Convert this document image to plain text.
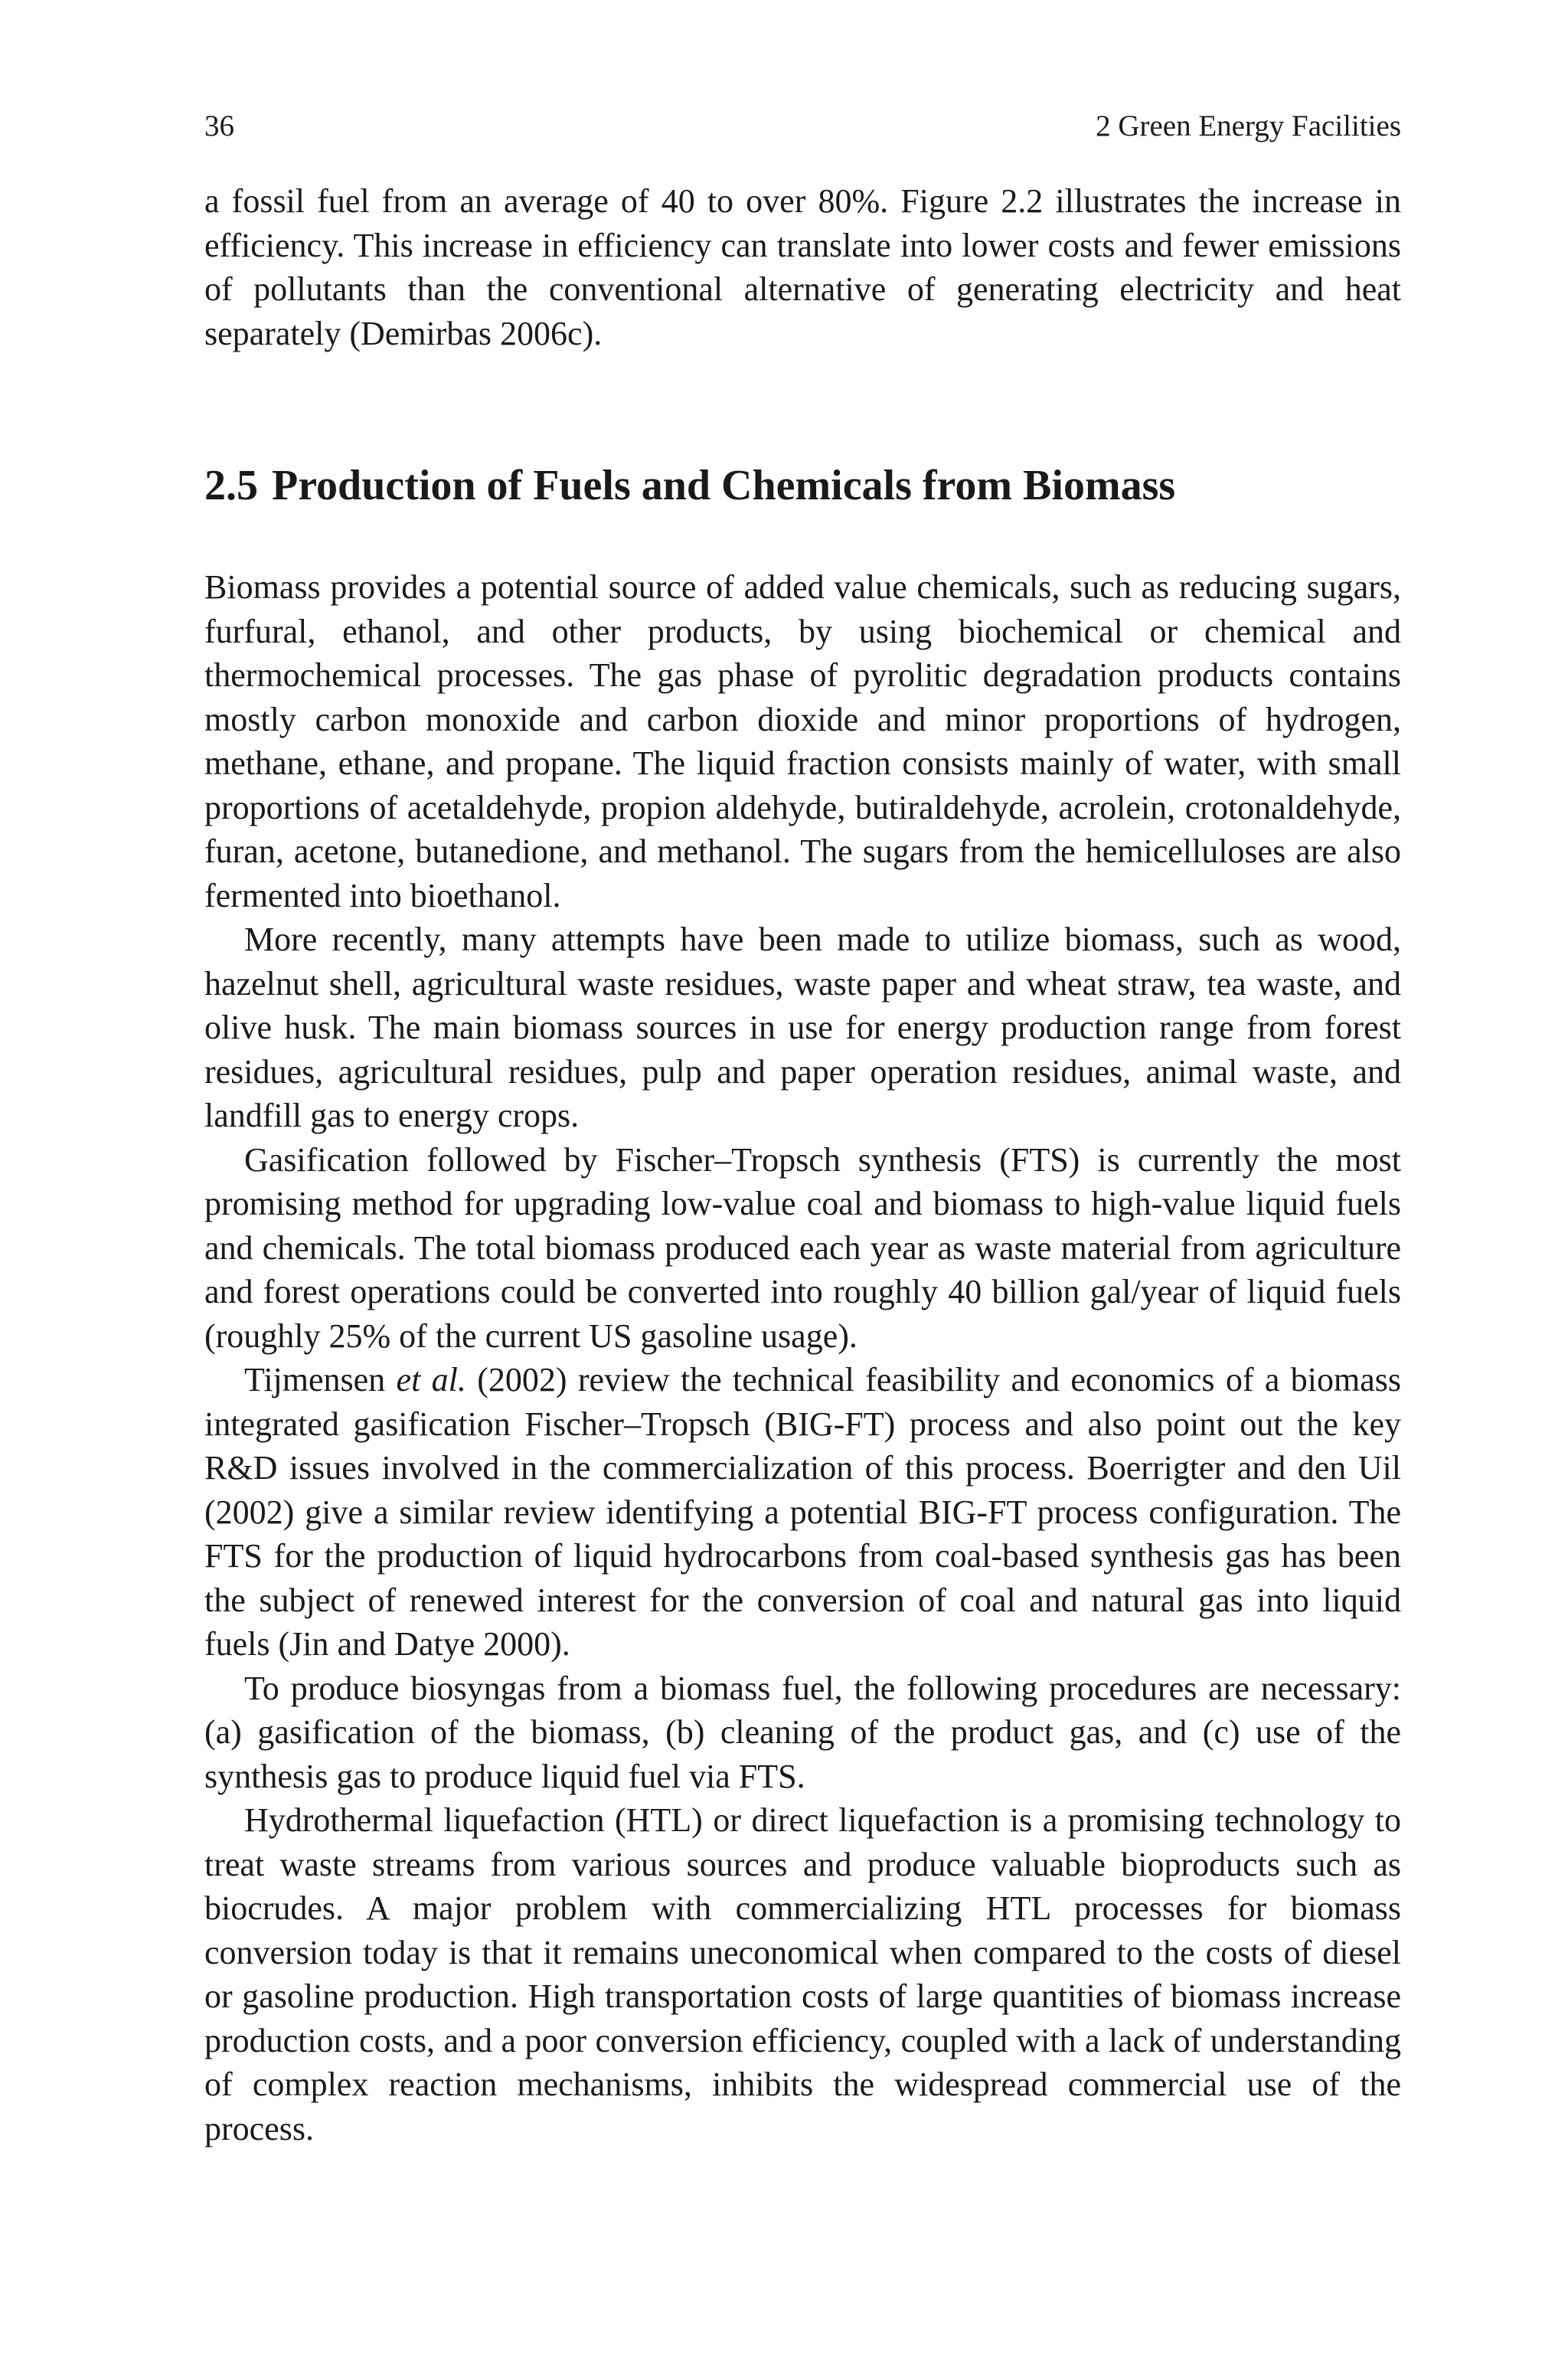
36	2 Green Energy Facilities

a fossil fuel from an average of 40 to over 80%. Figure 2.2 illustrates the increase in efficiency. This increase in efficiency can translate into lower costs and fewer emissions of pollutants than the conventional alternative of generating electricity and heat separately (Demirbas 2006c).

2.5 Production of Fuels and Chemicals from Biomass

Biomass provides a potential source of added value chemicals, such as reducing sugars, furfural, ethanol, and other products, by using biochemical or chemical and thermochemical processes. The gas phase of pyrolitic degradation products contains mostly carbon monoxide and carbon dioxide and minor proportions of hydrogen, methane, ethane, and propane. The liquid fraction consists mainly of water, with small proportions of acetaldehyde, propion aldehyde, butiraldehyde, acrolein, crotonaldehyde, furan, acetone, butanedione, and methanol. The sugars from the hemicelluloses are also fermented into bioethanol.

More recently, many attempts have been made to utilize biomass, such as wood, hazelnut shell, agricultural waste residues, waste paper and wheat straw, tea waste, and olive husk. The main biomass sources in use for energy production range from forest residues, agricultural residues, pulp and paper operation residues, animal waste, and landfill gas to energy crops.

Gasification followed by Fischer–Tropsch synthesis (FTS) is currently the most promising method for upgrading low-value coal and biomass to high-value liquid fuels and chemicals. The total biomass produced each year as waste material from agriculture and forest operations could be converted into roughly 40 billion gal/year of liquid fuels (roughly 25% of the current US gasoline usage).

Tijmensen et al. (2002) review the technical feasibility and economics of a biomass integrated gasification Fischer–Tropsch (BIG-FT) process and also point out the key R&D issues involved in the commercialization of this process. Boerrigter and den Uil (2002) give a similar review identifying a potential BIG-FT process configuration. The FTS for the production of liquid hydrocarbons from coal-based synthesis gas has been the subject of renewed interest for the conversion of coal and natural gas into liquid fuels (Jin and Datye 2000).

To produce biosyngas from a biomass fuel, the following procedures are necessary: (a) gasification of the biomass, (b) cleaning of the product gas, and (c) use of the synthesis gas to produce liquid fuel via FTS.

Hydrothermal liquefaction (HTL) or direct liquefaction is a promising technology to treat waste streams from various sources and produce valuable bioproducts such as biocrudes. A major problem with commercializing HTL processes for biomass conversion today is that it remains uneconomical when compared to the costs of diesel or gasoline production. High transportation costs of large quantities of biomass increase production costs, and a poor conversion efficiency, coupled with a lack of understanding of complex reaction mechanisms, inhibits the widespread commercial use of the process.
